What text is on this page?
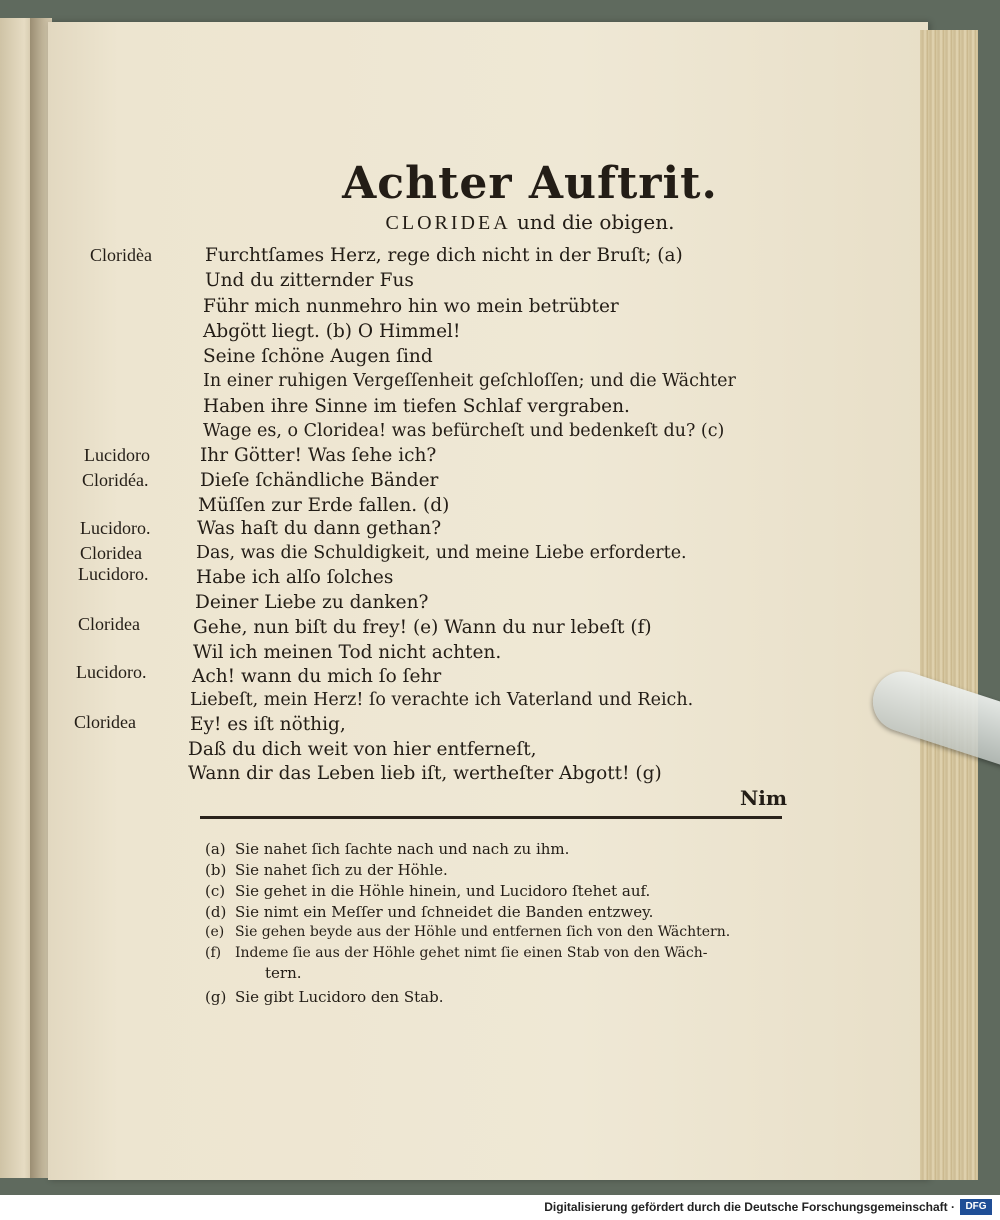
Achter Auftrit.
CLORIDEA und die obigen.
Cloridèa	Furchtſames Herz, rege dich nicht in der Bruſt; (a)
Und du zitternder Fus
Führ mich nunmehro hin wo mein betrübter
Abgött liegt. (b) O Himmel!
Seine ſchöne Augen ſind
In einer ruhigen Vergeſſenheit geſchloſſen; und die Wächter
Haben ihre Sinne im tiefen Schlaf vergraben.
Wage es, o Cloridea! was befürcheſt und bedenkeſt du? (c)
Lucidoro	Ihr Götter! Was ſehe ich?
Cloridéa.	Dieſe ſchändliche Bänder
Müſſen zur Erde fallen. (d)
Lucidoro.	Was haſt du dann gethan?
Cloridea	Das, was die Schuldigkeit, und meine Liebe erforderte.
Lucidoro.	Habe ich alſo ſolches
Deiner Liebe zu danken?
Cloridea	Gehe, nun biſt du frey! (e) Wann du nur lebeſt (f)
Wil ich meinen Tod nicht achten.
Lucidoro. Ach! wann du mich ſo ſehr
Liebeſt, mein Herz! ſo verachte ich Vaterland und Reich.
Cloridea	Ey! es iſt nöthig,
Daß du dich weit von hier entferneſt,
Wann dir das Leben lieb iſt, wertheſter Abgott! (g)
Nim
(a) Sie nahet ſich ſachte nach und nach zu ihm.
(b) Sie nahet ſich zu der Höhle.
(c) Sie gehet in die Höhle hinein, und Lucidoro ſtehet auf.
(d) Sie nimt ein Meſſer und ſchneidet die Banden entzwey.
(e) Sie gehen beyde aus der Höhle und entfernen ſich von den Wächtern.
(f) Indeme ſie aus der Höhle gehet nimt ſie einen Stab von den Wäch-
tern.
(g) Sie gibt Lucidoro den Stab.
Digitalisierung gefördert durch die Deutsche Forschungsgemeinschaft ·	DFG
